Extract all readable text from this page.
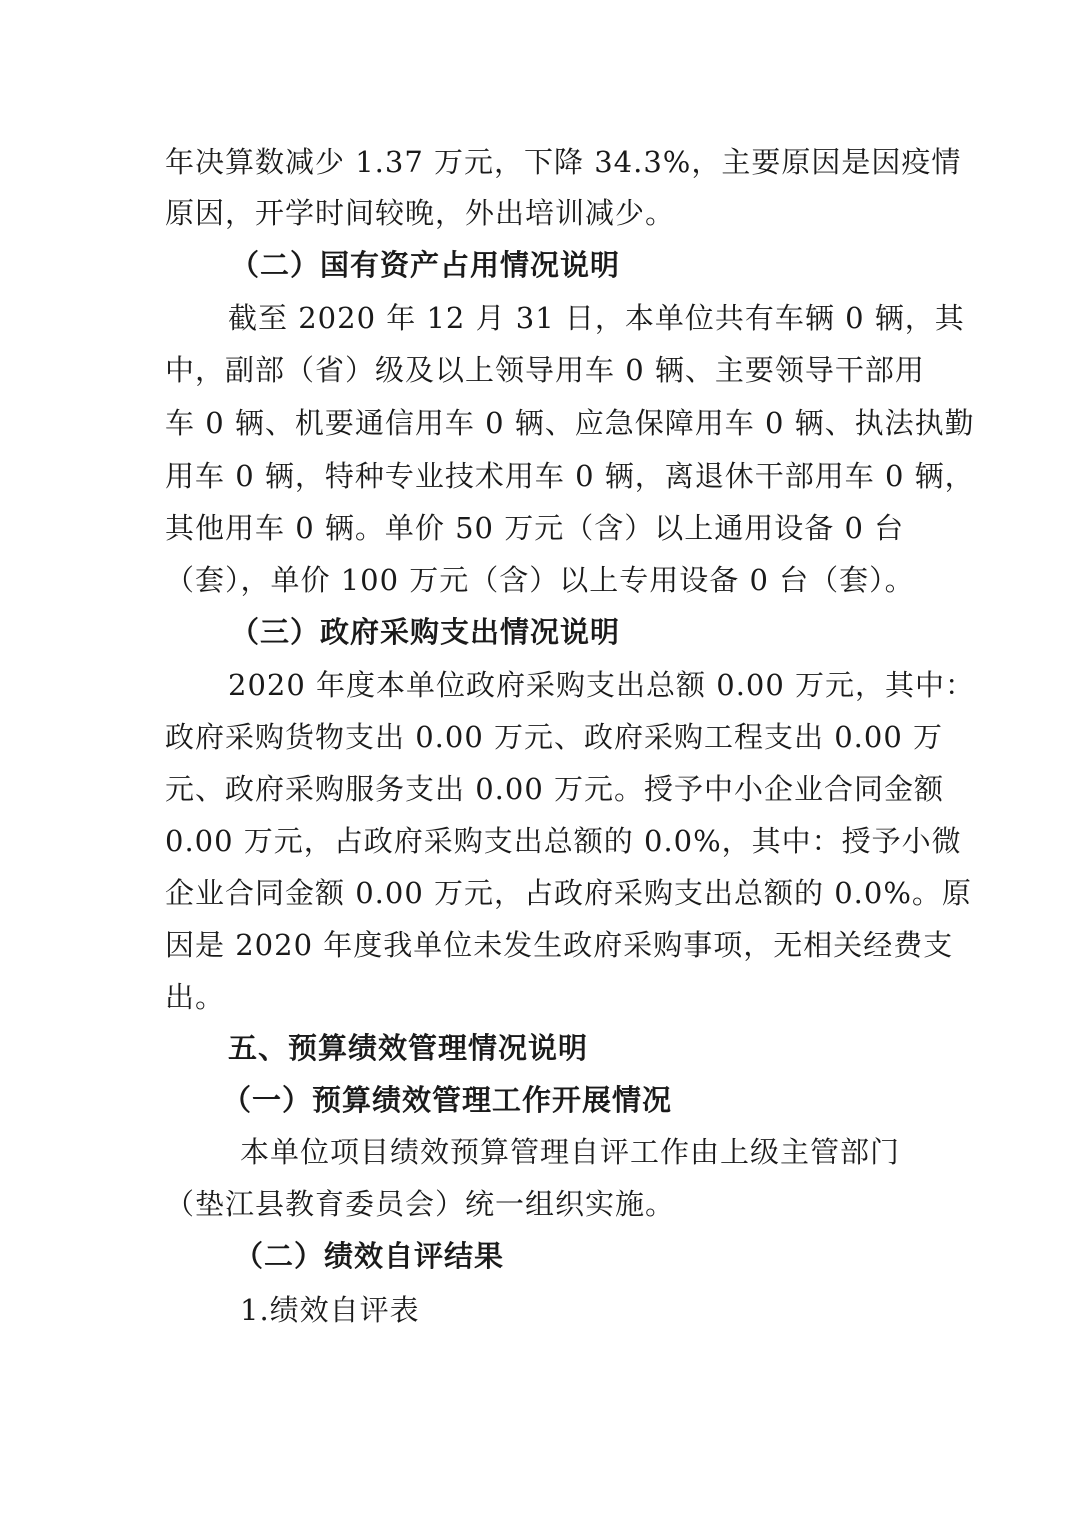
年决算数减少 1.37 万元，下降 34.3%，主要原因是因疫情
原因，开学时间较晚，外出培训减少。
（二）国有资产占用情况说明
截至 2020 年 12 月 31 日，本单位共有车辆 0 辆，其
中，副部（省）级及以上领导用车 0 辆、主要领导干部用
车 0 辆、机要通信用车 0 辆、应急保障用车 0 辆、执法执勤
用车 0 辆，特种专业技术用车 0 辆，离退休干部用车 0 辆，
其他用车 0 辆。单价 50 万元（含）以上通用设备 0 台
（套），单价 100 万元（含）以上专用设备 0 台（套）。
（三）政府采购支出情况说明
2020 年度本单位政府采购支出总额 0.00 万元，其中：
政府采购货物支出 0.00 万元、政府采购工程支出 0.00 万
元、政府采购服务支出 0.00 万元。授予中小企业合同金额
0.00 万元，占政府采购支出总额的 0.0%，其中：授予小微
企业合同金额 0.00 万元，占政府采购支出总额的 0.0%。原
因是 2020 年度我单位未发生政府采购事项，无相关经费支
出。
五、预算绩效管理情况说明
（一）预算绩效管理工作开展情况
本单位项目绩效预算管理自评工作由上级主管部门
（垫江县教育委员会）统一组织实施。
（二）绩效自评结果
1.绩效自评表
